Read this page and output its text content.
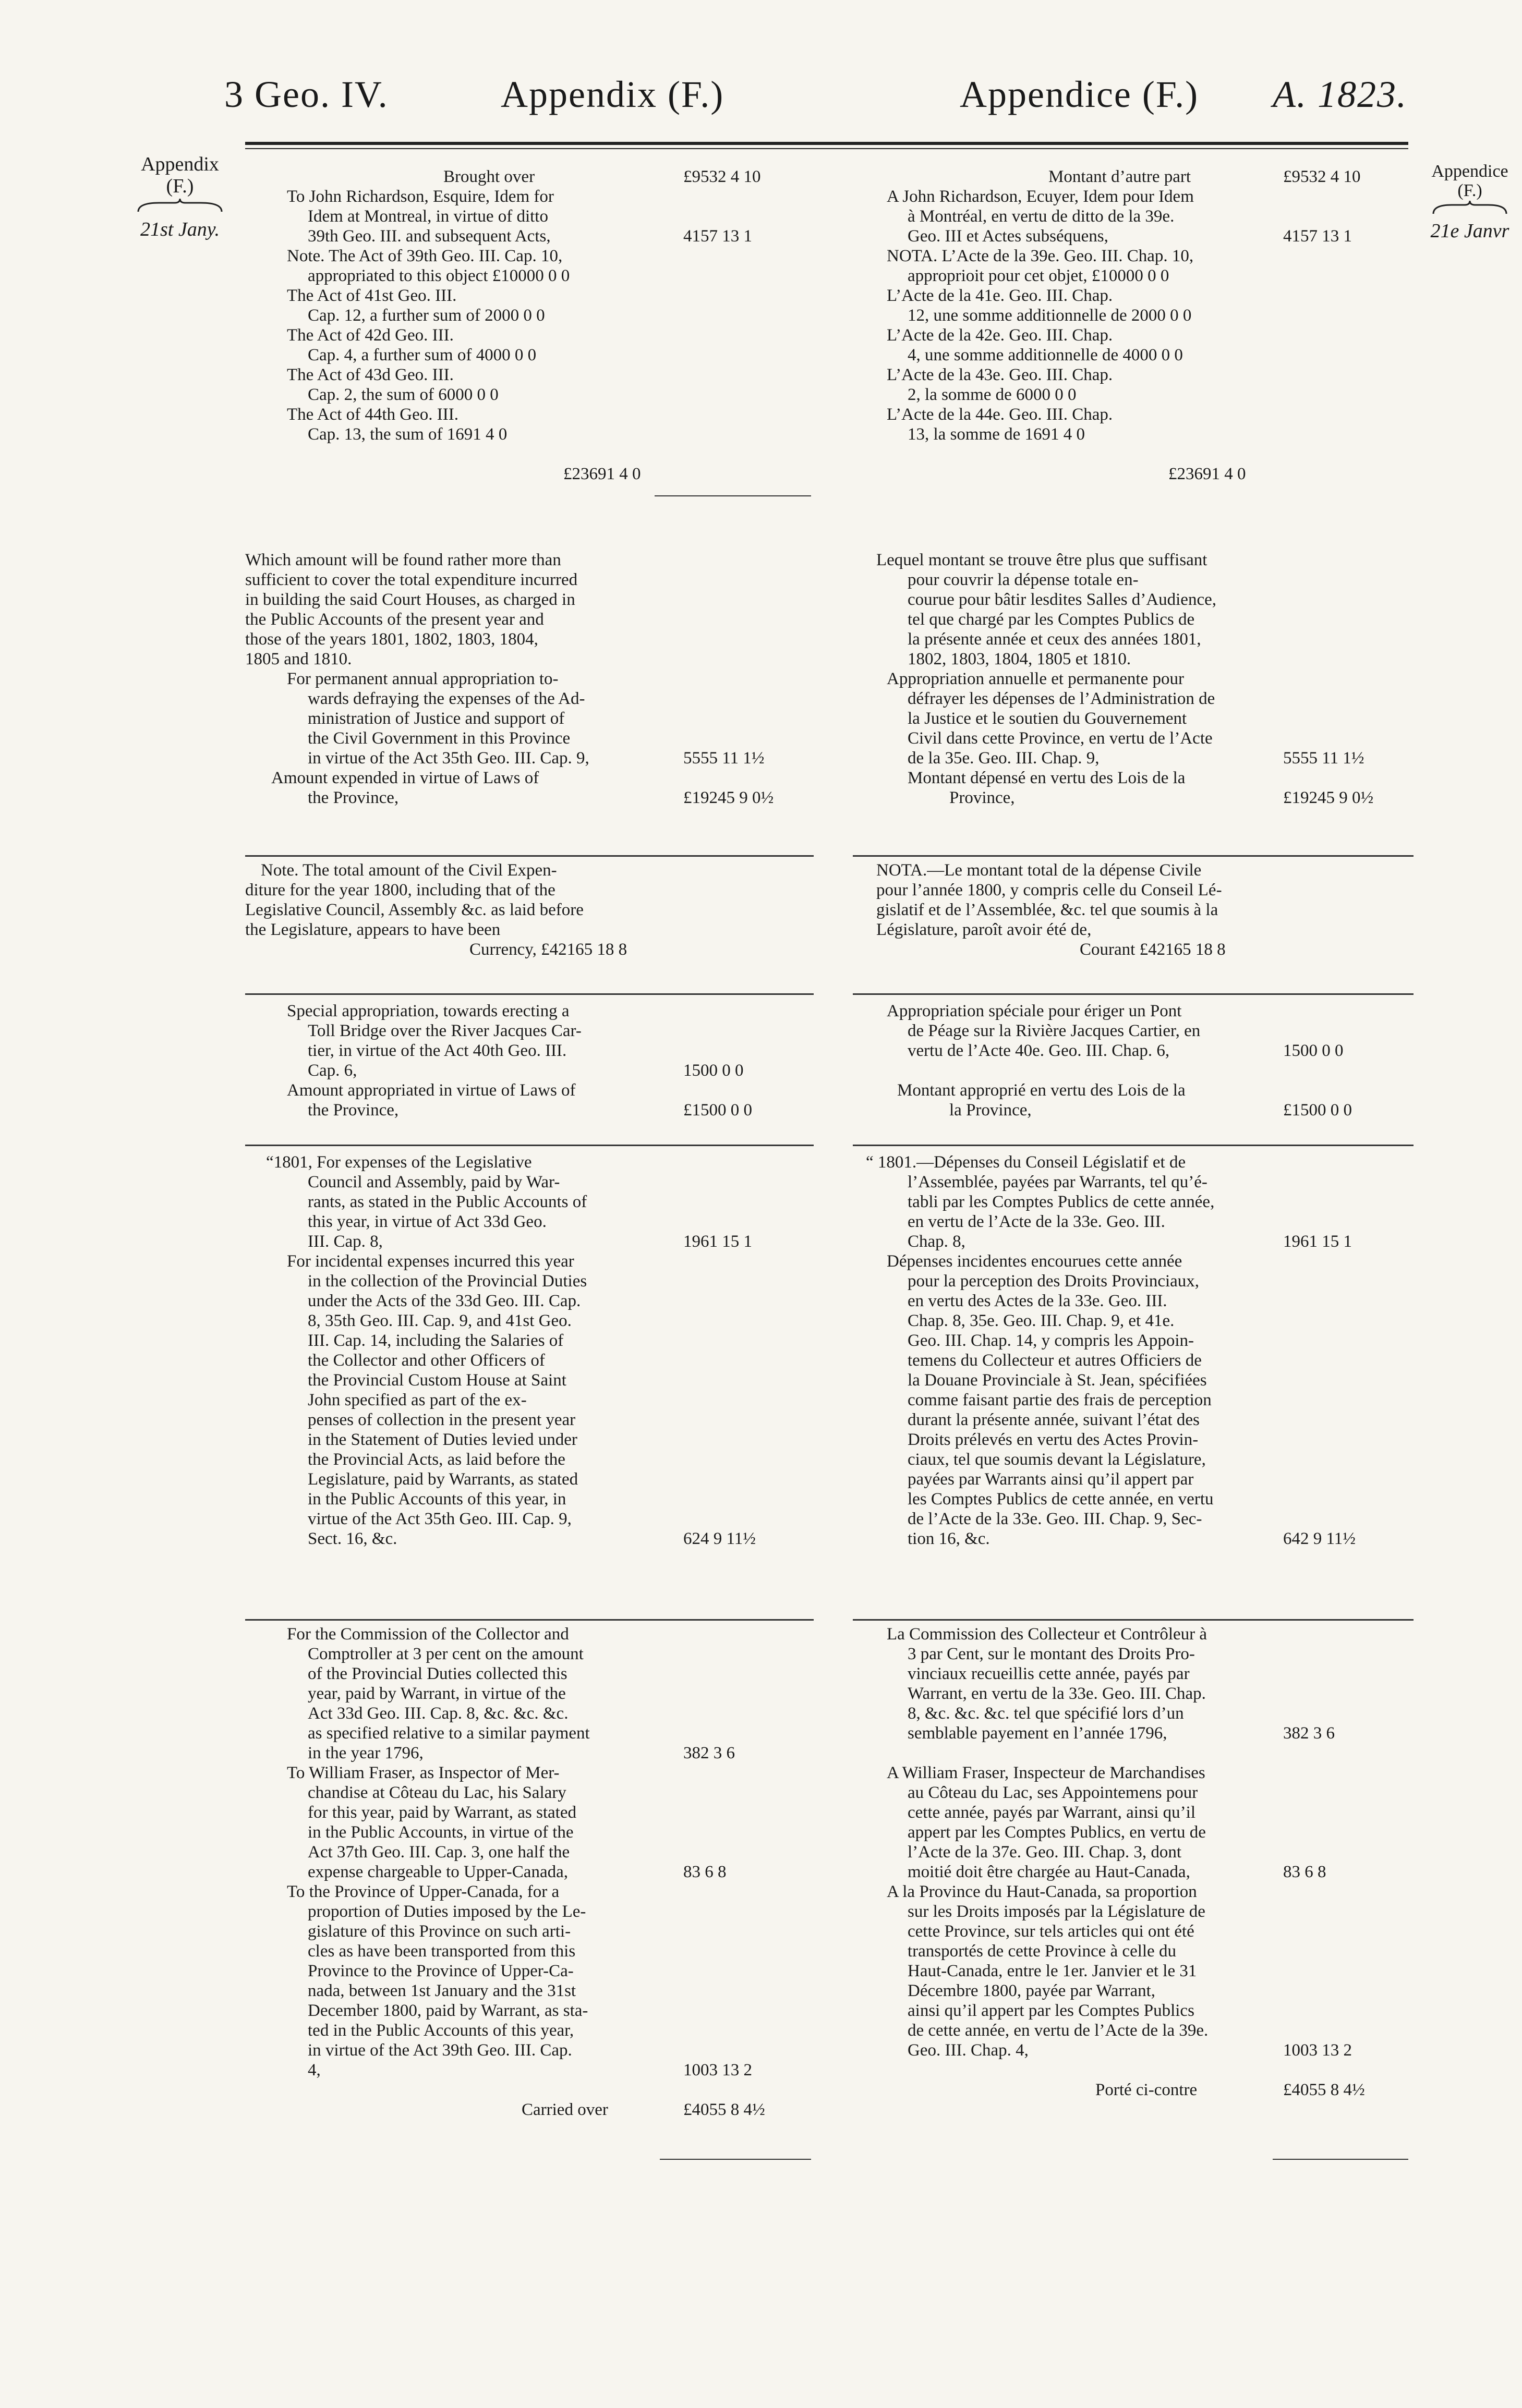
3 Geo. IV.	Appendix (F.)	Appendice (F.) A. 1823.
Appendix
(F.)
21st Jany.
Appendice
(F.)
21e Janvr
Brought over	£9532 4 10
To John Richardson, Esquire, Idem for
Idem at Montreal, in virtue of ditto
39th Geo. III. and subsequent Acts,	4157 13 1
Note. The Act of 39th Geo. III. Cap. 10,
appropriated to this object £10000 0 0
The Act of 41st Geo. III.
Cap. 12, a further sum of 2000 0 0
The Act of 42d Geo. III.
Cap. 4, a further sum of 4000 0 0
The Act of 43d Geo. III.
Cap. 2, the sum of 6000 0 0
The Act of 44th Geo. III.
Cap. 13, the sum of 1691 4 0
£23691 4 0
Which amount will be found rather more than
sufficient to cover the total expenditure incurred
in building the said Court Houses, as charged in
the Public Accounts of the present year and
those of the years 1801, 1802, 1803, 1804,
1805 and 1810.
For permanent annual appropriation to-
wards defraying the expenses of the Ad-
ministration of Justice and support of
the Civil Government in this Province
in virtue of the Act 35th Geo. III. Cap. 9,	5555 11 1½
Amount expended in virtue of Laws of
the Province,	£19245 9 0½
Note. The total amount of the Civil Expen-
diture for the year 1800, including that of the
Legislative Council, Assembly &c. as laid before
the Legislature, appears to have been
Currency, £42165 18 8
Special appropriation, towards erecting a
Toll Bridge over the River Jacques Car-
tier, in virtue of the Act 40th Geo. III.
Cap. 6,	1500 0 0
Amount appropriated in virtue of Laws of
the Province,	£1500 0 0
“1801, For expenses of the Legislative
Council and Assembly, paid by War-
rants, as stated in the Public Accounts of
this year, in virtue of Act 33d Geo.
III. Cap. 8,	1961 15 1
For incidental expenses incurred this year
in the collection of the Provincial Duties
under the Acts of the 33d Geo. III. Cap.
8, 35th Geo. III. Cap. 9, and 41st Geo.
III. Cap. 14, including the Salaries of
the Collector and other Officers of
the Provincial Custom House at Saint
John specified as part of the ex-
penses of collection in the present year
in the Statement of Duties levied under
the Provincial Acts, as laid before the
Legislature, paid by Warrants, as stated
in the Public Accounts of this year, in
virtue of the Act 35th Geo. III. Cap. 9,
Sect. 16, &c.	624 9 11½
For the Commission of the Collector and
Comptroller at 3 per cent on the amount
of the Provincial Duties collected this
year, paid by Warrant, in virtue of the
Act 33d Geo. III. Cap. 8, &c. &c. &c.
as specified relative to a similar payment
in the year 1796,	382 3 6
To William Fraser, as Inspector of Mer-
chandise at Côteau du Lac, his Salary
for this year, paid by Warrant, as stated
in the Public Accounts, in virtue of the
Act 37th Geo. III. Cap. 3, one half the
expense chargeable to Upper-Canada,	83 6 8
To the Province of Upper-Canada, for a
proportion of Duties imposed by the Le-
gislature of this Province on such arti-
cles as have been transported from this
Province to the Province of Upper-Ca-
nada, between 1st January and the 31st
December 1800, paid by Warrant, as sta-
ted in the Public Accounts of this year,
in virtue of the Act 39th Geo. III. Cap.
4,	1003 13 2
Carried over	£4055 8 4½
Montant d’autre part	£9532 4 10
A John Richardson, Ecuyer, Idem pour Idem
à Montréal, en vertu de ditto de la 39e.
Geo. III et Actes subséquens,	4157 13 1
NOTA. L’Acte de la 39e. Geo. III. Chap. 10,
approprioit pour cet objet, £10000 0 0
L’Acte de la 41e. Geo. III. Chap.
12, une somme additionnelle de 2000 0 0
L’Acte de la 42e. Geo. III. Chap.
4, une somme additionnelle de 4000 0 0
L’Acte de la 43e. Geo. III. Chap.
2, la somme de 6000 0 0
L’Acte de la 44e. Geo. III. Chap.
13, la somme de 1691 4 0
£23691 4 0
Lequel montant se trouve être plus que suffisant
pour couvrir la dépense totale en-
courue pour bâtir lesdites Salles d’Audience,
tel que chargé par les Comptes Publics de
la présente année et ceux des années 1801,
1802, 1803, 1804, 1805 et 1810.
Appropriation annuelle et permanente pour
défrayer les dépenses de l’Administration de
la Justice et le soutien du Gouvernement
Civil dans cette Province, en vertu de l’Acte
de la 35e. Geo. III. Chap. 9,	5555 11 1½
Montant dépensé en vertu des Lois de la
Province,	£19245 9 0½
NOTA.—Le montant total de la dépense Civile
pour l’année 1800, y compris celle du Conseil Lé-
gislatif et de l’Assemblée, &c. tel que soumis à la
Législature, paroît avoir été de,
Courant £42165 18 8
Appropriation spéciale pour ériger un Pont
de Péage sur la Rivière Jacques Cartier, en
vertu de l’Acte 40e. Geo. III. Chap. 6,	1500 0 0
Montant approprié en vertu des Lois de la
la Province,	£1500 0 0
“ 1801.—Dépenses du Conseil Législatif et de
l’Assemblée, payées par Warrants, tel qu’é-
tabli par les Comptes Publics de cette année,
en vertu de l’Acte de la 33e. Geo. III.
Chap. 8,	1961 15 1
Dépenses incidentes encourues cette année
pour la perception des Droits Provinciaux,
en vertu des Actes de la 33e. Geo. III.
Chap. 8, 35e. Geo. III. Chap. 9, et 41e.
Geo. III. Chap. 14, y compris les Appoin-
temens du Collecteur et autres Officiers de
la Douane Provinciale à St. Jean, spécifiées
comme faisant partie des frais de perception
durant la présente année, suivant l’état des
Droits prélevés en vertu des Actes Provin-
ciaux, tel que soumis devant la Législature,
payées par Warrants ainsi qu’il appert par
les Comptes Publics de cette année, en vertu
de l’Acte de la 33e. Geo. III. Chap. 9, Sec-
tion 16, &c.	642 9 11½
La Commission des Collecteur et Contrôleur à
3 par Cent, sur le montant des Droits Pro-
vinciaux recueillis cette année, payés par
Warrant, en vertu de la 33e. Geo. III. Chap.
8, &c. &c. &c. tel que spécifié lors d’un
semblable payement en l’année 1796,	382 3 6
A William Fraser, Inspecteur de Marchandises
au Côteau du Lac, ses Appointemens pour
cette année, payés par Warrant, ainsi qu’il
appert par les Comptes Publics, en vertu de
l’Acte de la 37e. Geo. III. Chap. 3, dont
moitié doit être chargée au Haut-Canada,	83 6 8
A la Province du Haut-Canada, sa proportion
sur les Droits imposés par la Législature de
cette Province, sur tels articles qui ont été
transportés de cette Province à celle du
Haut-Canada, entre le 1er. Janvier et le 31
Décembre 1800, payée par Warrant,
ainsi qu’il appert par les Comptes Publics
de cette année, en vertu de l’Acte de la 39e.
Geo. III. Chap. 4,	1003 13 2
Porté ci-contre	£4055 8 4½
